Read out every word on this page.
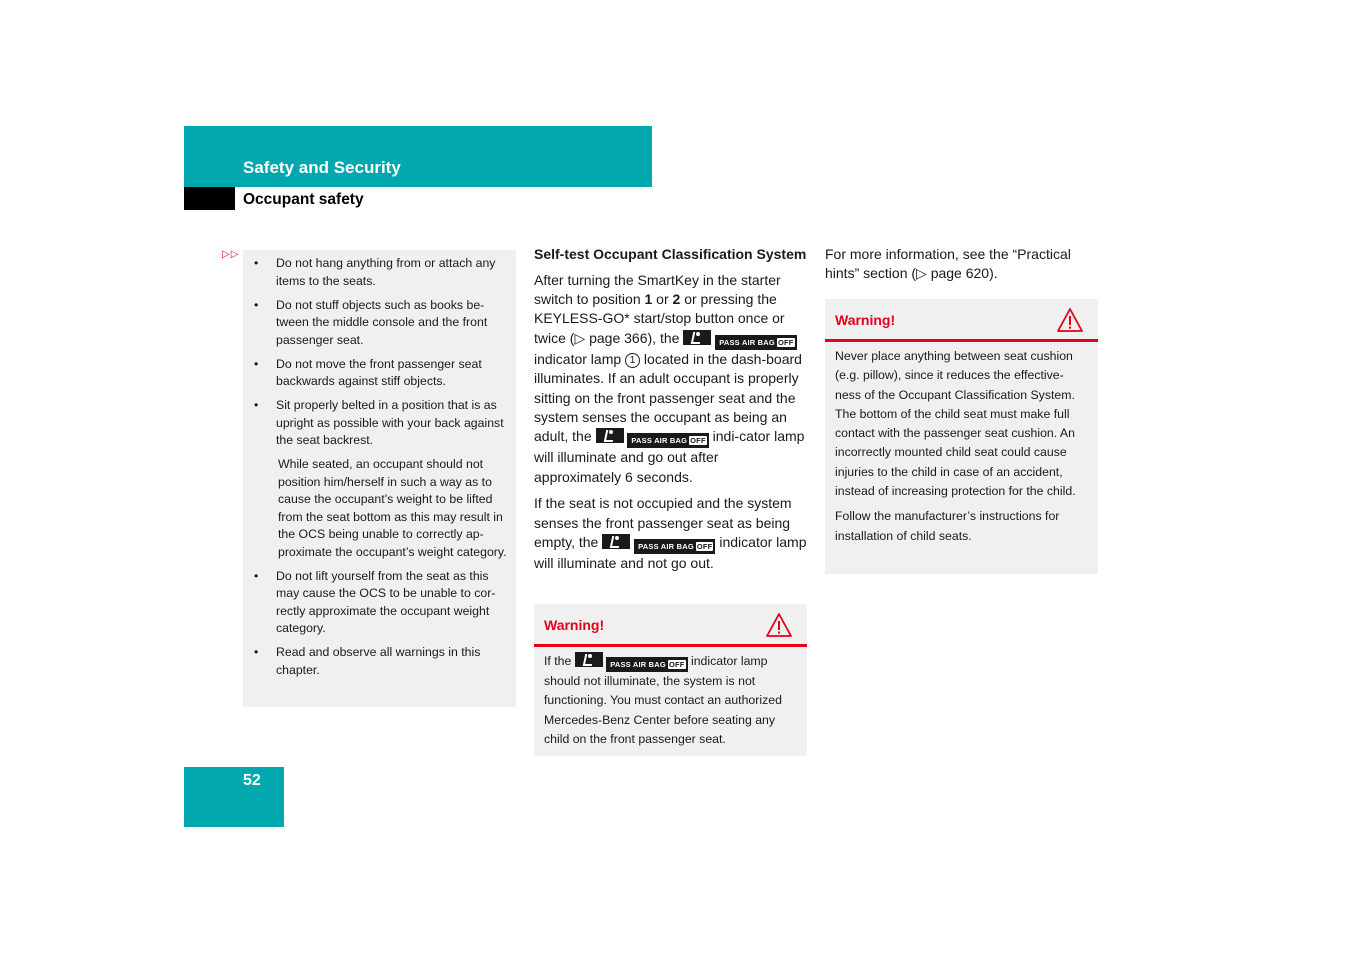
Safety and Security
Occupant safety
▷▷
• Do not hang anything from or attach any items to the seats.
• Do not stuff objects such as books be-tween the middle console and the front passenger seat.
• Do not move the front passenger seat backwards against stiff objects.
• Sit properly belted in a position that is as upright as possible with your back against the seat backrest.
While seated, an occupant should not position him/herself in such a way as to cause the occupant’s weight to be lifted from the seat bottom as this may result in the OCS being unable to correctly ap-proximate the occupant’s weight category.
• Do not lift yourself from the seat as this may cause the OCS to be unable to cor-rectly approximate the occupant weight category.
• Read and observe all warnings in this chapter.

Self-test Occupant Classification System

After turning the SmartKey in the starter switch to position 1 or 2 or pressing the KEYLESS-GO* start/stop button once or twice (▷ page 366), the	PASS AIR BAG OFF indicator lamp 1 located in the dash-board illuminates. If an adult occupant is properly sitting on the front passenger seat and the system senses the occupant as being an adult, the	PASS AIR BAG OFF indi-cator lamp will illuminate and go out after approximately 6 seconds.

If the seat is not occupied and the system senses the front passenger seat as being empty, the	PASS AIR BAG OFF indicator lamp will illuminate and not go out.

Warning!

If the	PASS AIR BAG OFF indicator lamp should not illuminate, the system is not functioning. You must contact an authorized Mercedes-Benz Center before seating any child on the front passenger seat.

For more information, see the “Practical hints” section (▷ page 620).

Warning!

Never place anything between seat cushion (e.g. pillow), since it reduces the effective-ness of the Occupant Classification System. The bottom of the child seat must make full contact with the passenger seat cushion. An incorrectly mounted child seat could cause injuries to the child in case of an accident, instead of increasing protection for the child.

Follow the manufacturer’s instructions for installation of child seats.

52
